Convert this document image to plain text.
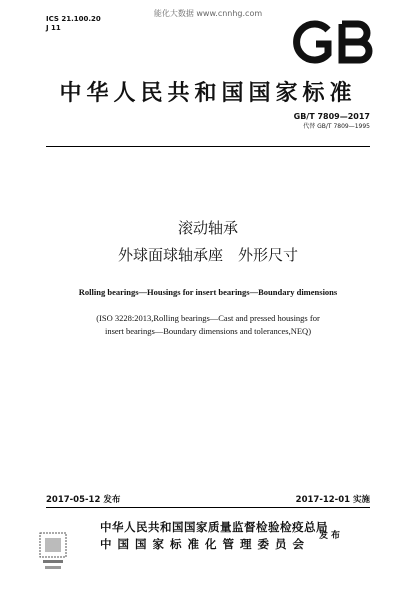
能化大数据 www.cnnhg.com
ICS 21.100.20
J 11
中华人民共和国国家标准
GB/T 7809—2017
代替 GB/T 7809—1995
滚动轴承
外球面球轴承座　外形尺寸
Rolling bearings—Housings for insert bearings—Boundary dimensions
(ISO 3228:2013,Rolling bearings—Cast and pressed housings for
insert bearings—Boundary dimensions and tolerances,NEQ)
2017-05-12 发布	2017-12-01 实施
中华人民共和国国家质量监督检验检疫总局
中国国家标准化管理委员会
发布
